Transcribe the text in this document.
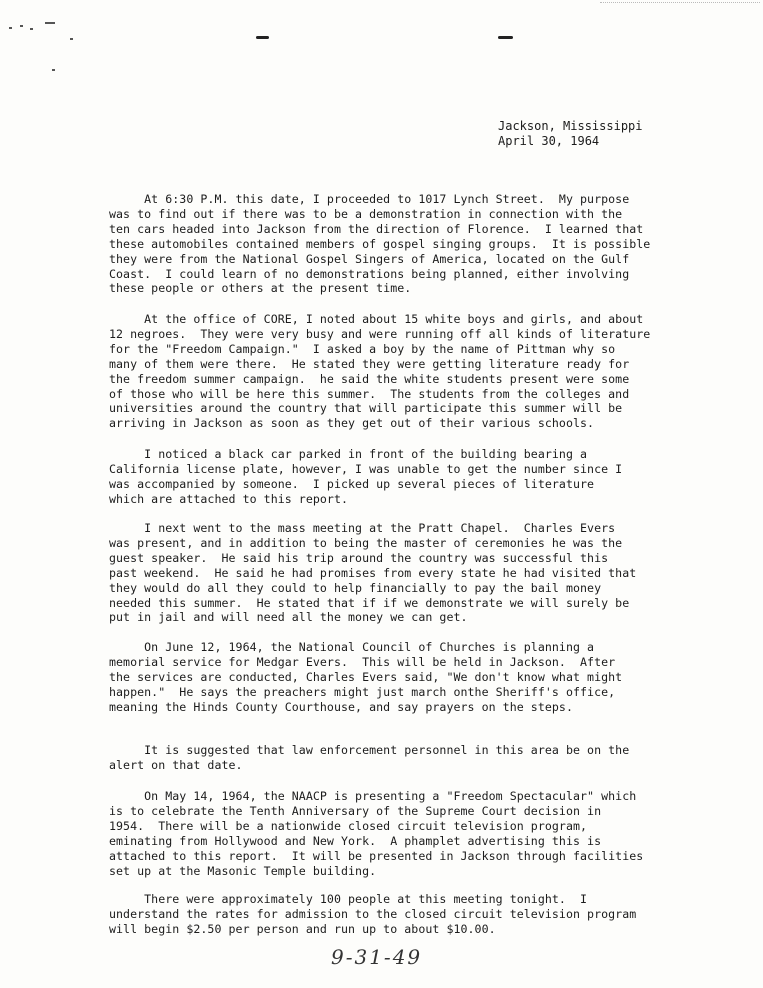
Jackson, Mississippi
April 30, 1964
At 6:30 P.M. this date, I proceeded to 1017 Lynch Street.  My purpose
was to find out if there was to be a demonstration in connection with the
ten cars headed into Jackson from the direction of Florence.  I learned that
these automobiles contained members of gospel singing groups.  It is possible
they were from the National Gospel Singers of America, located on the Gulf
Coast.  I could learn of no demonstrations being planned, either involving
these people or others at the present time.
At the office of CORE, I noted about 15 white boys and girls, and about
12 negroes.  They were very busy and were running off all kinds of literature
for the "Freedom Campaign."  I asked a boy by the name of Pittman why so
many of them were there.  He stated they were getting literature ready for
the freedom summer campaign.  he said the white students present were some
of those who will be here this summer.  The students from the colleges and
universities around the country that will participate this summer will be
arriving in Jackson as soon as they get out of their various schools.
I noticed a black car parked in front of the building bearing a
California license plate, however, I was unable to get the number since I
was accompanied by someone.  I picked up several pieces of literature
which are attached to this report.
I next went to the mass meeting at the Pratt Chapel.  Charles Evers
was present, and in addition to being the master of ceremonies he was the
guest speaker.  He said his trip around the country was successful this
past weekend.  He said he had promises from every state he had visited that
they would do all they could to help financially to pay the bail money
needed this summer.  He stated that if if we demonstrate we will surely be
put in jail and will need all the money we can get.
On June 12, 1964, the National Council of Churches is planning a
memorial service for Medgar Evers.  This will be held in Jackson.  After
the services are conducted, Charles Evers said, "We don't know what might
happen."  He says the preachers might just march onthe Sheriff's office,
meaning the Hinds County Courthouse, and say prayers on the steps.
It is suggested that law enforcement personnel in this area be on the
alert on that date.
On May 14, 1964, the NAACP is presenting a "Freedom Spectacular" which
is to celebrate the Tenth Anniversary of the Supreme Court decision in
1954.  There will be a nationwide closed circuit television program,
eminating from Hollywood and New York.  A phamplet advertising this is
attached to this report.  It will be presented in Jackson through facilities
set up at the Masonic Temple building.
There were approximately 100 people at this meeting tonight.  I
understand the rates for admission to the closed circuit television program
will begin $2.50 per person and run up to about $10.00.
9-31-49
